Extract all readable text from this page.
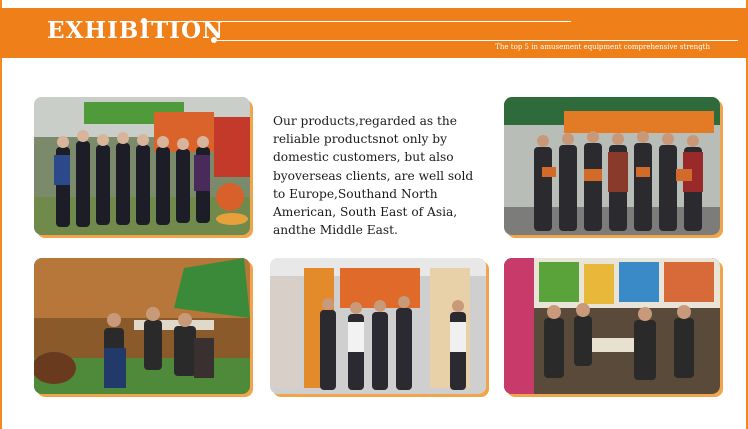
EXHIBITION
The top 5 in amusement equipment comprehensive strength

Our products,regarded as the reliable productsnot only by domestic customers, but also byoverseas clients, are well sold to Europe,Southand North American, South East of Asia, andthe Middle East.
